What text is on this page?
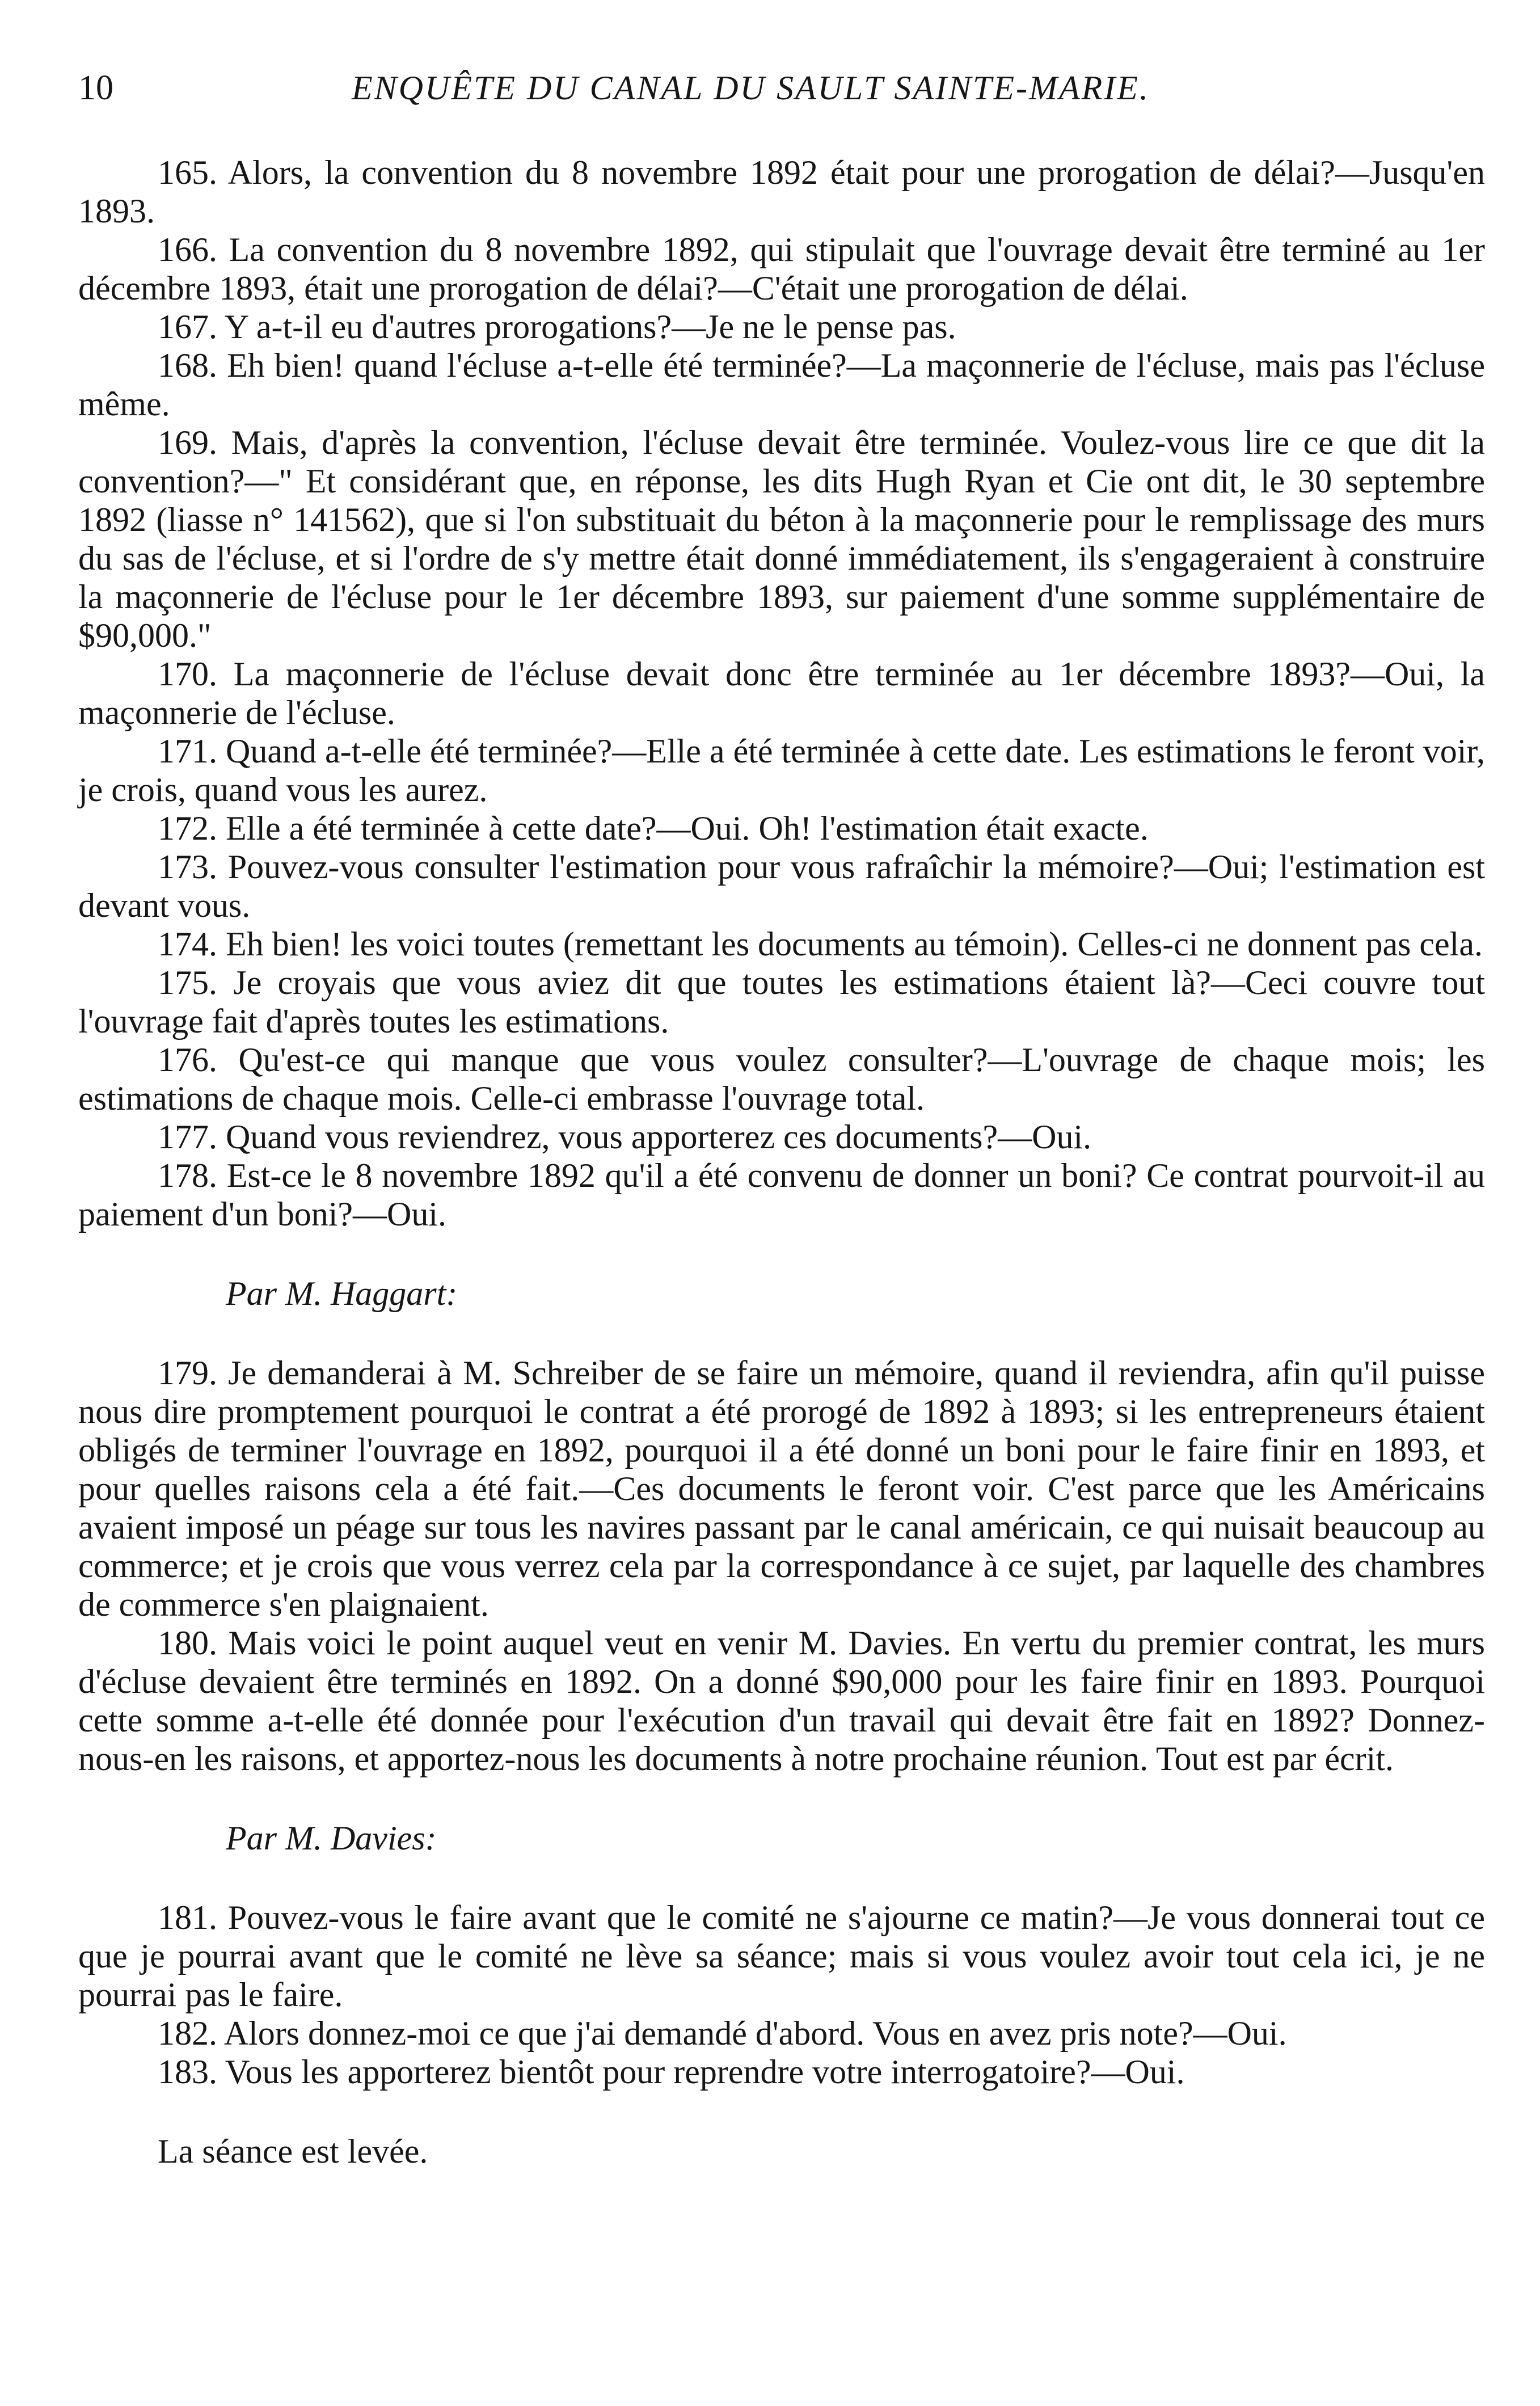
10	ENQUÊTE DU CANAL DU SAULT SAINTE-MARIE.

165. Alors, la convention du 8 novembre 1892 était pour une prorogation de délai?—Jusqu'en 1893.

166. La convention du 8 novembre 1892, qui stipulait que l'ouvrage devait être terminé au 1er décembre 1893, était une prorogation de délai?—C'était une prorogation de délai.

167. Y a-t-il eu d'autres prorogations?—Je ne le pense pas.

168. Eh bien! quand l'écluse a-t-elle été terminée?—La maçonnerie de l'écluse, mais pas l'écluse même.

169. Mais, d'après la convention, l'écluse devait être terminée. Voulez-vous lire ce que dit la convention?—" Et considérant que, en réponse, les dits Hugh Ryan et Cie ont dit, le 30 septembre 1892 (liasse n° 141562), que si l'on substituait du béton à la maçonnerie pour le remplissage des murs du sas de l'écluse, et si l'ordre de s'y mettre était donné immédiatement, ils s'engageraient à construire la maçonnerie de l'écluse pour le 1er décembre 1893, sur paiement d'une somme supplémentaire de $90,000."

170. La maçonnerie de l'écluse devait donc être terminée au 1er décembre 1893?—Oui, la maçonnerie de l'écluse.

171. Quand a-t-elle été terminée?—Elle a été terminée à cette date. Les estimations le feront voir, je crois, quand vous les aurez.

172. Elle a été terminée à cette date?—Oui. Oh! l'estimation était exacte.

173. Pouvez-vous consulter l'estimation pour vous rafraîchir la mémoire?—Oui; l'estimation est devant vous.

174. Eh bien! les voici toutes (remettant les documents au témoin). Celles-ci ne donnent pas cela.

175. Je croyais que vous aviez dit que toutes les estimations étaient là?—Ceci couvre tout l'ouvrage fait d'après toutes les estimations.

176. Qu'est-ce qui manque que vous voulez consulter?—L'ouvrage de chaque mois; les estimations de chaque mois. Celle-ci embrasse l'ouvrage total.

177. Quand vous reviendrez, vous apporterez ces documents?—Oui.

178. Est-ce le 8 novembre 1892 qu'il a été convenu de donner un boni? Ce contrat pourvoit-il au paiement d'un boni?—Oui.

Par M. Haggart:

179. Je demanderai à M. Schreiber de se faire un mémoire, quand il reviendra, afin qu'il puisse nous dire promptement pourquoi le contrat a été prorogé de 1892 à 1893; si les entrepreneurs étaient obligés de terminer l'ouvrage en 1892, pourquoi il a été donné un boni pour le faire finir en 1893, et pour quelles raisons cela a été fait.—Ces documents le feront voir. C'est parce que les Américains avaient imposé un péage sur tous les navires passant par le canal américain, ce qui nuisait beaucoup au commerce; et je crois que vous verrez cela par la correspondance à ce sujet, par laquelle des chambres de commerce s'en plaignaient.

180. Mais voici le point auquel veut en venir M. Davies. En vertu du premier contrat, les murs d'écluse devaient être terminés en 1892. On a donné $90,000 pour les faire finir en 1893. Pourquoi cette somme a-t-elle été donnée pour l'exécution d'un travail qui devait être fait en 1892? Donnez-nous-en les raisons, et apportez-nous les documents à notre prochaine réunion. Tout est par écrit.

Par M. Davies:

181. Pouvez-vous le faire avant que le comité ne s'ajourne ce matin?—Je vous donnerai tout ce que je pourrai avant que le comité ne lève sa séance; mais si vous voulez avoir tout cela ici, je ne pourrai pas le faire.

182. Alors donnez-moi ce que j'ai demandé d'abord. Vous en avez pris note?—Oui.

183. Vous les apporterez bientôt pour reprendre votre interrogatoire?—Oui.

La séance est levée.
